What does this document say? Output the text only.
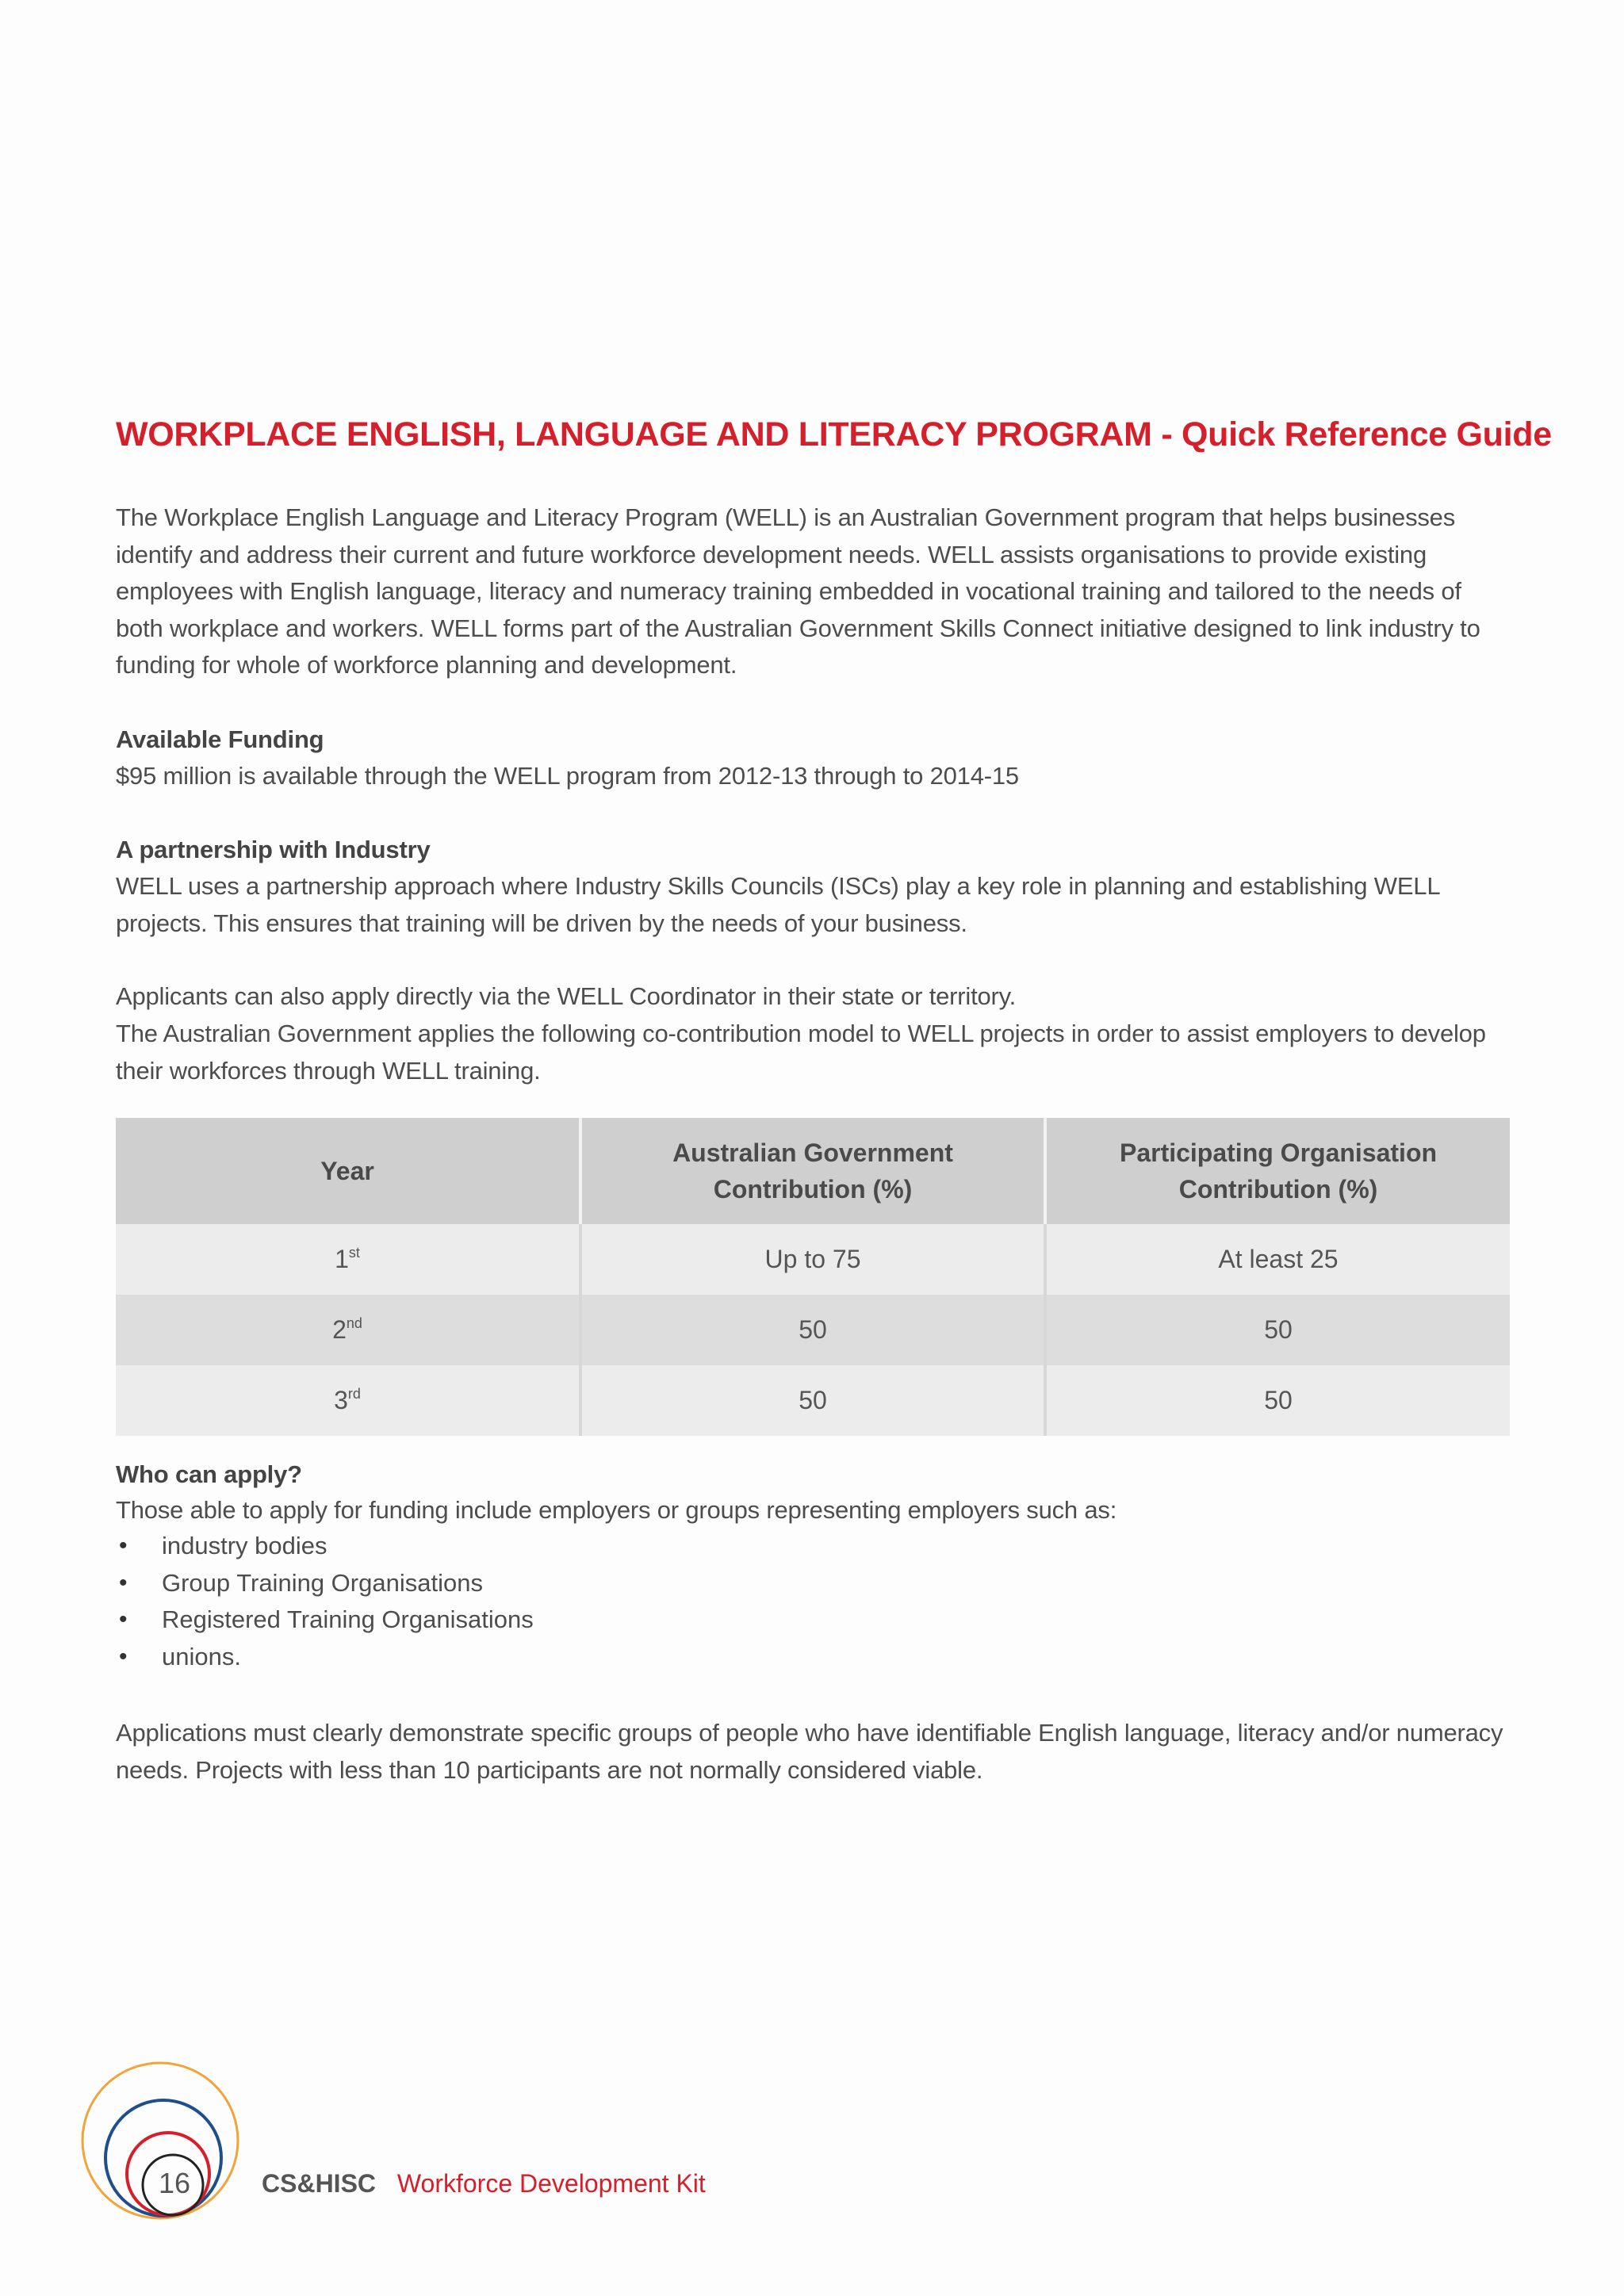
WORKPLACE ENGLISH, LANGUAGE AND LITERACY PROGRAM - Quick Reference Guide

The Workplace English Language and Literacy Program (WELL) is an Australian Government program that helps businesses identify and address their current and future workforce development needs. WELL assists organisations to provide existing employees with English language, literacy and numeracy training embedded in vocational training and tailored to the needs of both workplace and workers. WELL forms part of the Australian Government Skills Connect initiative designed to link industry to funding for whole of workforce planning and development.

Available Funding

$95 million is available through the WELL program from 2012-13 through to 2014-15

A partnership with Industry

WELL uses a partnership approach where Industry Skills Councils (ISCs) play a key role in planning and establishing WELL projects. This ensures that training will be driven by the needs of your business.

Applicants can also apply directly via the WELL Coordinator in their state or territory.

The Australian Government applies the following co-contribution model to WELL projects in order to assist employers to develop their workforces through WELL training.

Year	Australian Government Contribution (%)	Participating Organisation Contribution (%)
1st	Up to 75	At least 25
2nd	50	50
3rd	50	50

Who can apply?

Those able to apply for funding include employers or groups representing employers such as:

• industry bodies
• Group Training Organisations
• Registered Training Organisations
• unions.

Applications must clearly demonstrate specific groups of people who have identifiable English language, literacy and/or numeracy needs. Projects with less than 10 participants are not normally considered viable.

16	CS&HISC Workforce Development Kit
